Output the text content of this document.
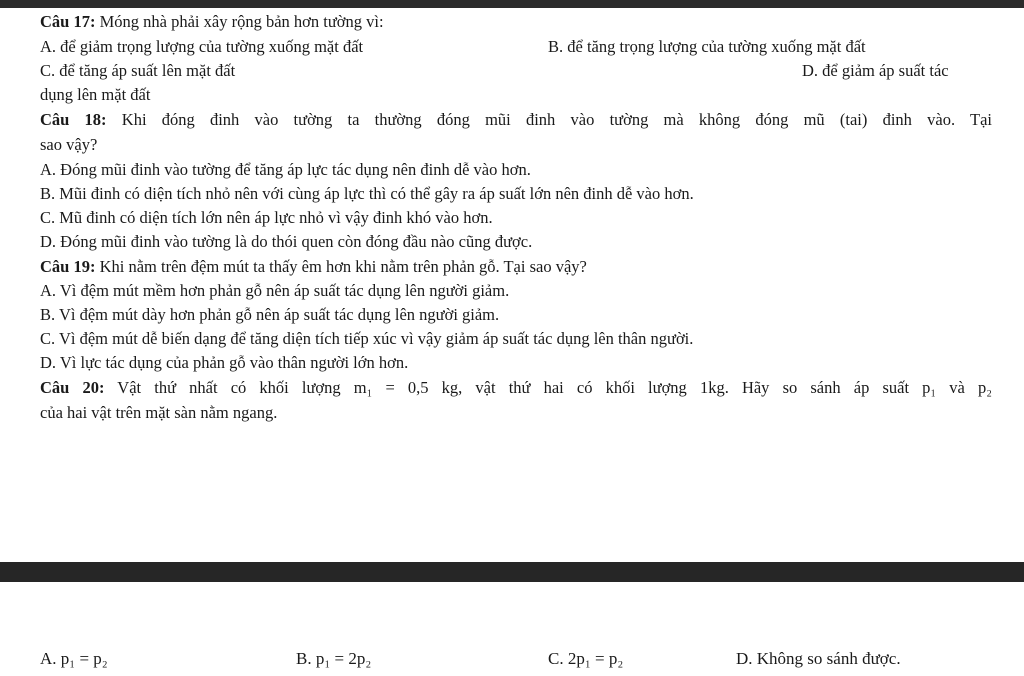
Câu 17: Móng nhà phải xây rộng bản hơn tường vì:
A. để giảm trọng lượng của tường xuống mặt đất	B. để tăng trọng lượng của tường xuống mặt đất
C. để tăng áp suất lên mặt đất	D. để giảm áp suất tác
dụng lên mặt đất
Câu 18: Khi đóng đinh vào tường ta thường đóng mũi đinh vào tường mà không đóng mũ (tai) đinh vào. Tại
sao vậy?
A. Đóng mũi đinh vào tường để tăng áp lực tác dụng nên đinh dễ vào hơn.
B. Mũi đinh có diện tích nhỏ nên với cùng áp lực thì có thể gây ra áp suất lớn nên đinh dễ vào hơn.
C. Mũ đinh có diện tích lớn nên áp lực nhỏ vì vậy đinh khó vào hơn.
D. Đóng mũi đinh vào tường là do thói quen còn đóng đầu nào cũng được.
Câu 19: Khi nằm trên đệm mút ta thấy êm hơn khi nằm trên phản gỗ. Tại sao vậy?
A. Vì đệm mút mềm hơn phản gỗ nên áp suất tác dụng lên người giảm.
B. Vì đệm mút dày hơn phản gỗ nên áp suất tác dụng lên người giảm.
C. Vì đệm mút dễ biến dạng để tăng diện tích tiếp xúc vì vậy giảm áp suất tác dụng lên thân người.
D. Vì lực tác dụng của phản gỗ vào thân người lớn hơn.
Câu 20: Vật thứ nhất có khối lượng m₁ = 0,5 kg, vật thứ hai có khối lượng 1kg. Hãy so sánh áp suất p₁ và p₂
của hai vật trên mặt sàn nằm ngang.
A. p₁ = p₂	B. p₁ = 2p₂	C. 2p₁ = p₂	D. Không so sánh được.
